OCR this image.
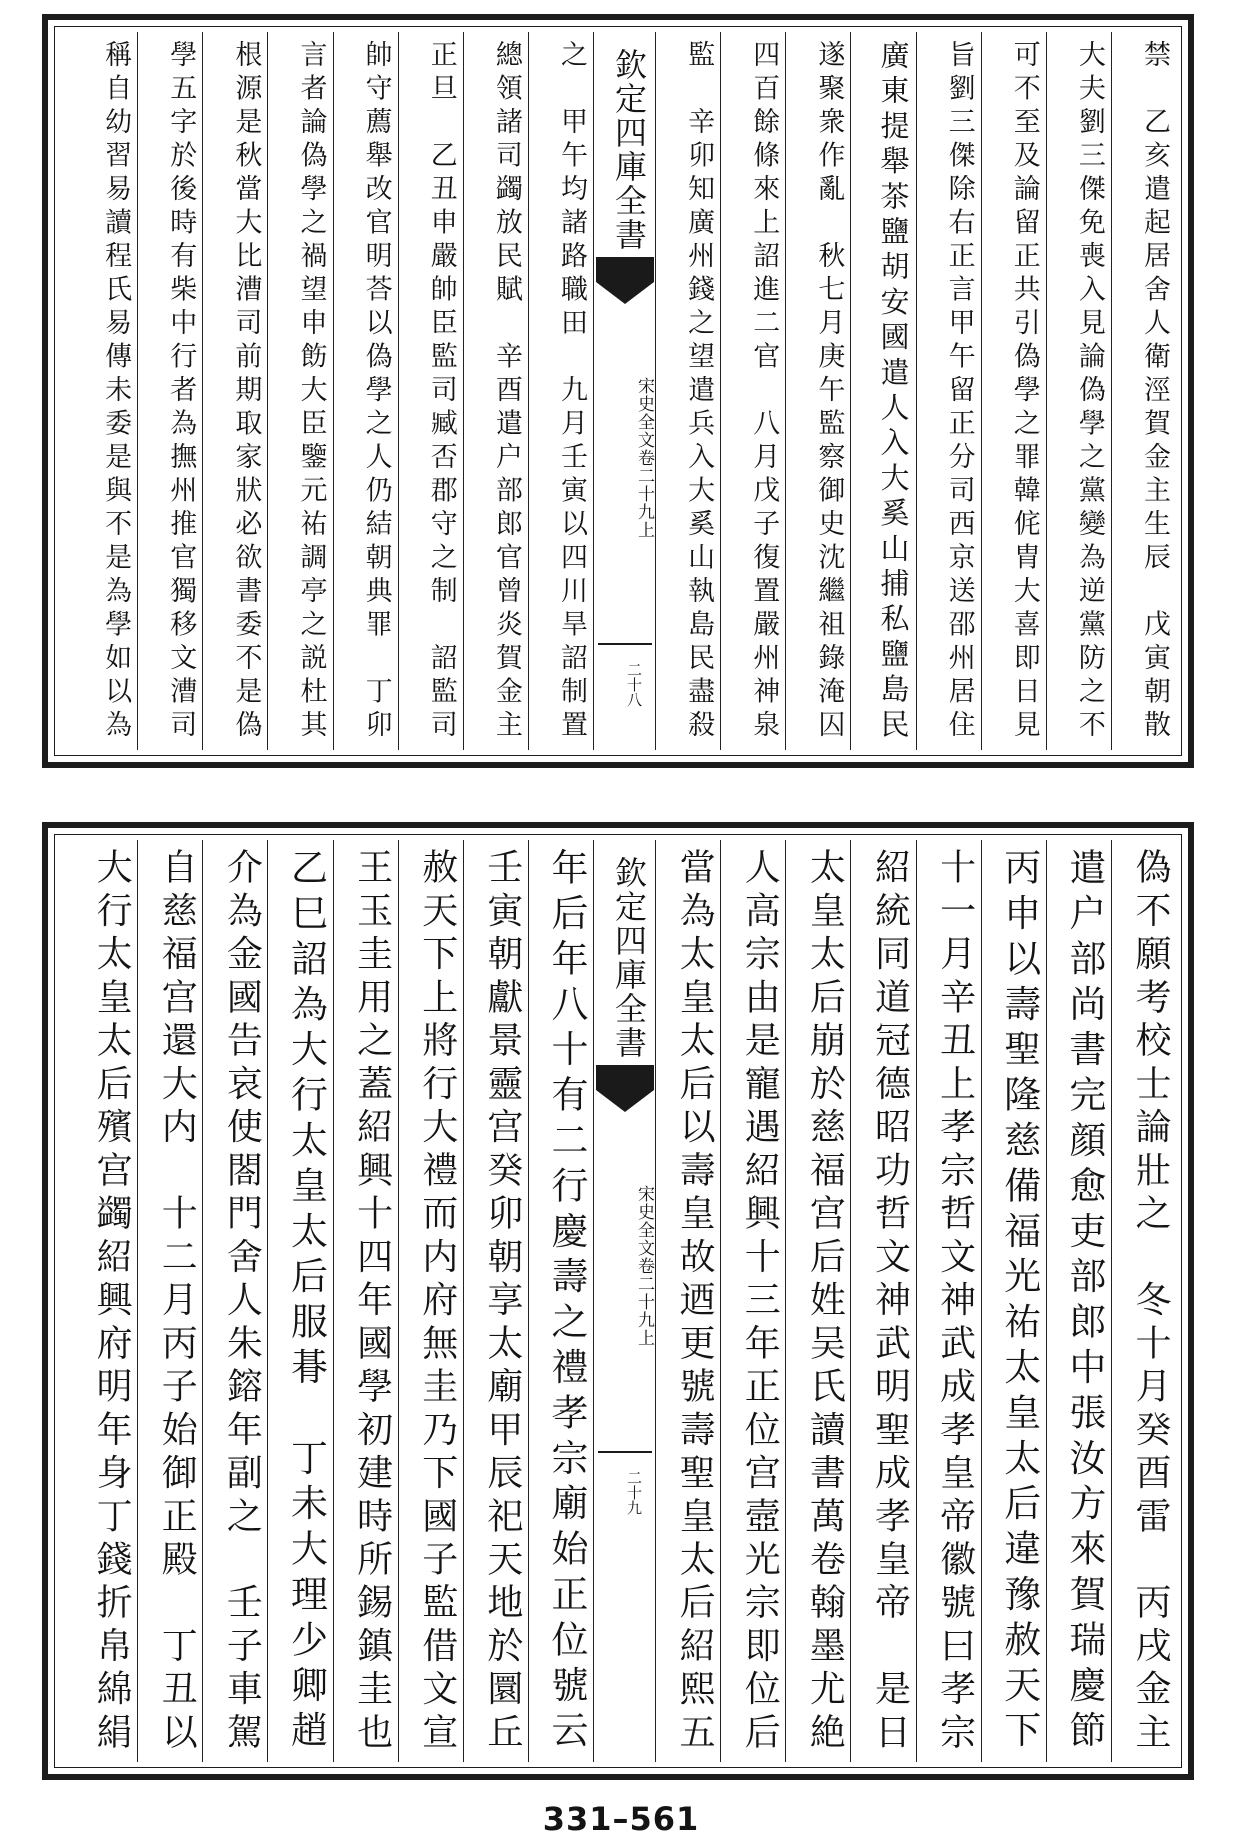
禁　乙亥遣起居舍人衛涇賀金主生辰　戊寅朝散
大夫劉三傑免喪入見論偽學之黨變為逆黨防之不
可不至及論留正共引偽學之罪韓侂胄大喜即日見
旨劉三傑除右正言甲午留正分司西京送邵州居住
廣東提舉茶鹽胡安國遣人入大奚山捕私鹽島民
遂聚衆作亂　秋七月庚午監察御史沈繼祖錄淹囚
四百餘條來上詔進二官　八月戊子復置嚴州神泉
監　辛卯知廣州錢之望遣兵入大奚山執島民盡殺
欽定四庫全書
宋史全文卷二十九上
二十八
之　甲午均諸路職田　九月壬寅以四川旱詔制置
總領諸司蠲放民賦　辛酉遣户部郎官曾炎賀金主
正旦　乙丑申嚴帥臣監司臧否郡守之制　詔監司
帥守薦舉改官明荅以偽學之人仍結朝典罪　丁卯
言者論偽學之禍望申飭大臣鑒元祐調亭之説杜其
根源是秋當大比漕司前期取家狀必欲書委不是偽
學五字於後時有柴中行者為撫州推官獨移文漕司
稱自幼習易讀程氏易傳未委是與不是為學如以為
偽不願考校士論壯之　冬十月癸酉雷　丙戌金主
遣户部尚書完顔愈吏部郎中張汝方來賀瑞慶節
丙申以壽聖隆慈備福光祐太皇太后違豫赦天下
十一月辛丑上孝宗哲文神武成孝皇帝徽號曰孝宗
紹統同道冠德昭功哲文神武明聖成孝皇帝　是日
太皇太后崩於慈福宫后姓吴氏讀書萬卷翰墨尤絶
人高宗由是寵遇紹興十三年正位宫壼光宗即位后
當為太皇太后以壽皇故迺更號壽聖皇太后紹熙五
欽定四庫全書
宋史全文卷二十九上
二十九
年后年八十有二行慶壽之禮孝宗廟始正位號云
壬寅朝獻景靈宫癸卯朝享太廟甲辰祀天地於圜丘
赦天下上將行大禮而内府無圭乃下國子監借文宣
王玉圭用之蓋紹興十四年國學初建時所錫鎮圭也
乙巳詔為大行太皇太后服朞　丁未大理少卿趙
介為金國告哀使閤門舍人朱鎔年副之　壬子車駕
自慈福宫還大内　十二月丙子始御正殿　丁丑以
大行太皇太后殯宫蠲紹興府明年身丁錢折帛綿絹
331–561
